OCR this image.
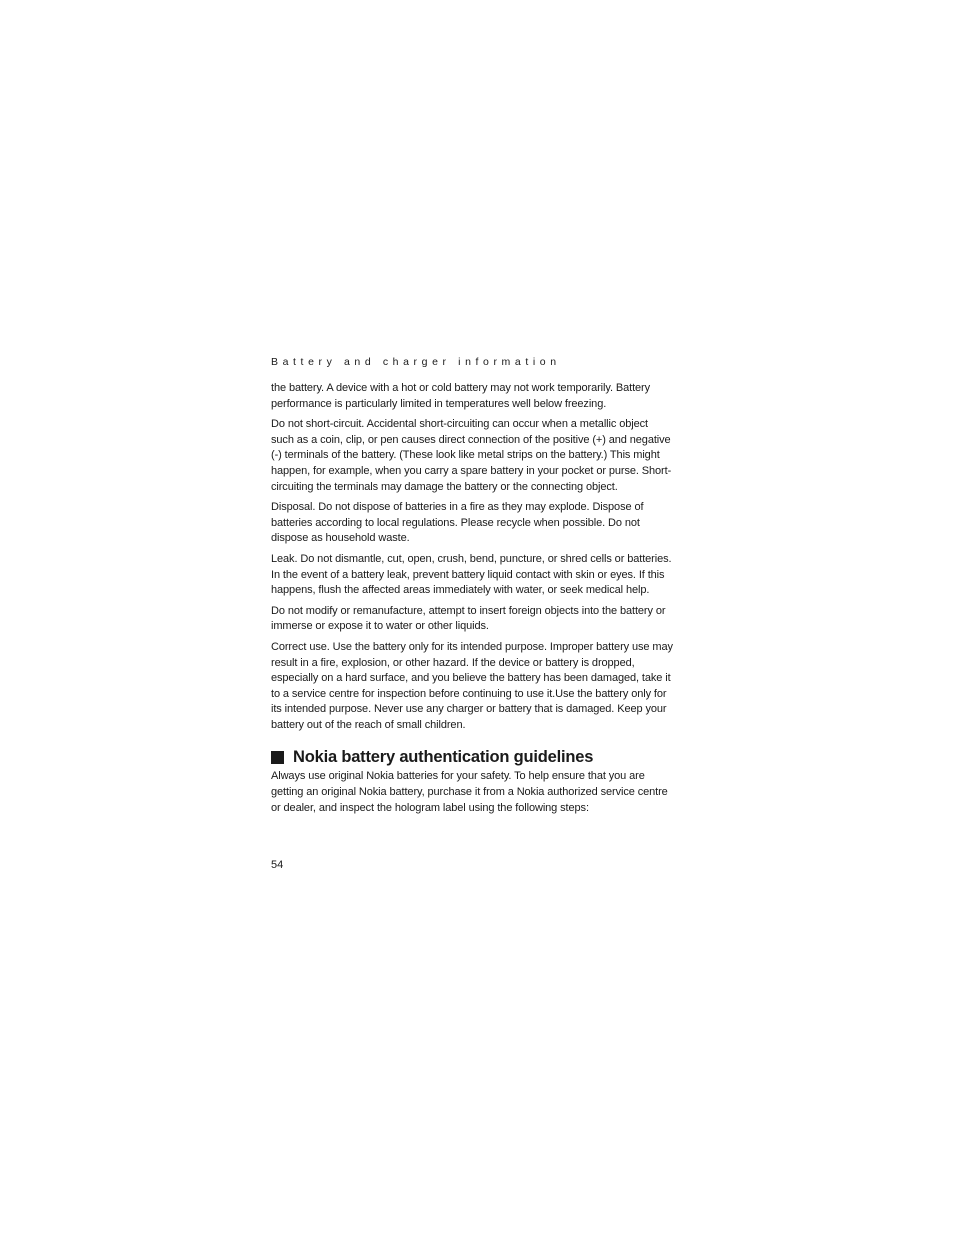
Battery and charger information

the battery. A device with a hot or cold battery may not work temporarily. Battery performance is particularly limited in temperatures well below freezing.

Do not short-circuit. Accidental short-circuiting can occur when a metallic object such as a coin, clip, or pen causes direct connection of the positive (+) and negative (-) terminals of the battery. (These look like metal strips on the battery.) This might happen, for example, when you carry a spare battery in your pocket or purse. Short-circuiting the terminals may damage the battery or the connecting object.

Disposal. Do not dispose of batteries in a fire as they may explode. Dispose of batteries according to local regulations. Please recycle when possible. Do not dispose as household waste.

Leak. Do not dismantle, cut, open, crush, bend, puncture, or shred cells or batteries. In the event of a battery leak, prevent battery liquid contact with skin or eyes. If this happens, flush the affected areas immediately with water, or seek medical help.

Do not modify or remanufacture, attempt to insert foreign objects into the battery or immerse or expose it to water or other liquids.

Correct use. Use the battery only for its intended purpose. Improper battery use may result in a fire, explosion, or other hazard. If the device or battery is dropped, especially on a hard surface, and you believe the battery has been damaged, take it to a service centre for inspection before continuing to use it.Use the battery only for its intended purpose. Never use any charger or battery that is damaged. Keep your battery out of the reach of small children.

Nokia battery authentication guidelines

Always use original Nokia batteries for your safety. To help ensure that you are getting an original Nokia battery, purchase it from a Nokia authorized service centre or dealer, and inspect the hologram label using the following steps:

54
